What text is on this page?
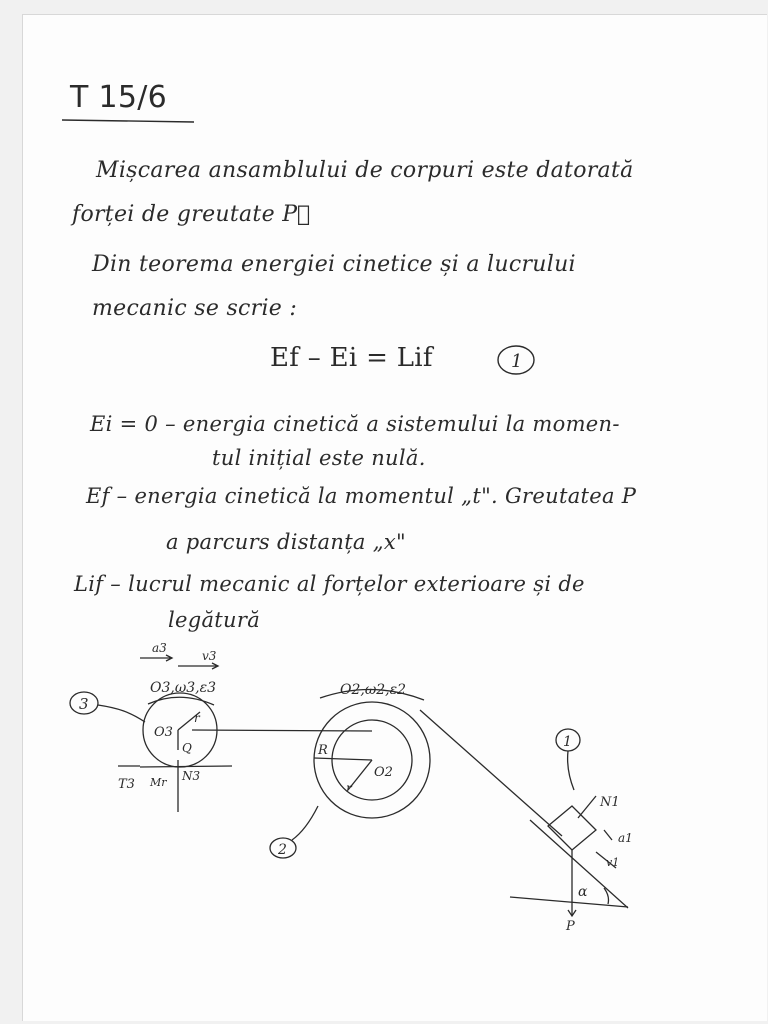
T 15/6
Mișcarea ansamblului de corpuri este datorată
forței de greutate P⃗
Din teorema energiei cinetice și a lucrului
mecanic se scrie :
Ef – Ei = Lif	1
Ei = 0 – energia cinetică a sistemului la momen-
tul inițial este nulă.
Ef – energia cinetică la momentul „t". Greutatea P
a parcurs distanța „x"
Lif – lucrul mecanic al forțelor exterioare și de
legătură
a3
v3
3
O3,ω3,ε3
O3
r
Q
T3 Mr N3
O2,ω2,ε2
R
r
O2
2
1
N1
a1
v1
P
α
